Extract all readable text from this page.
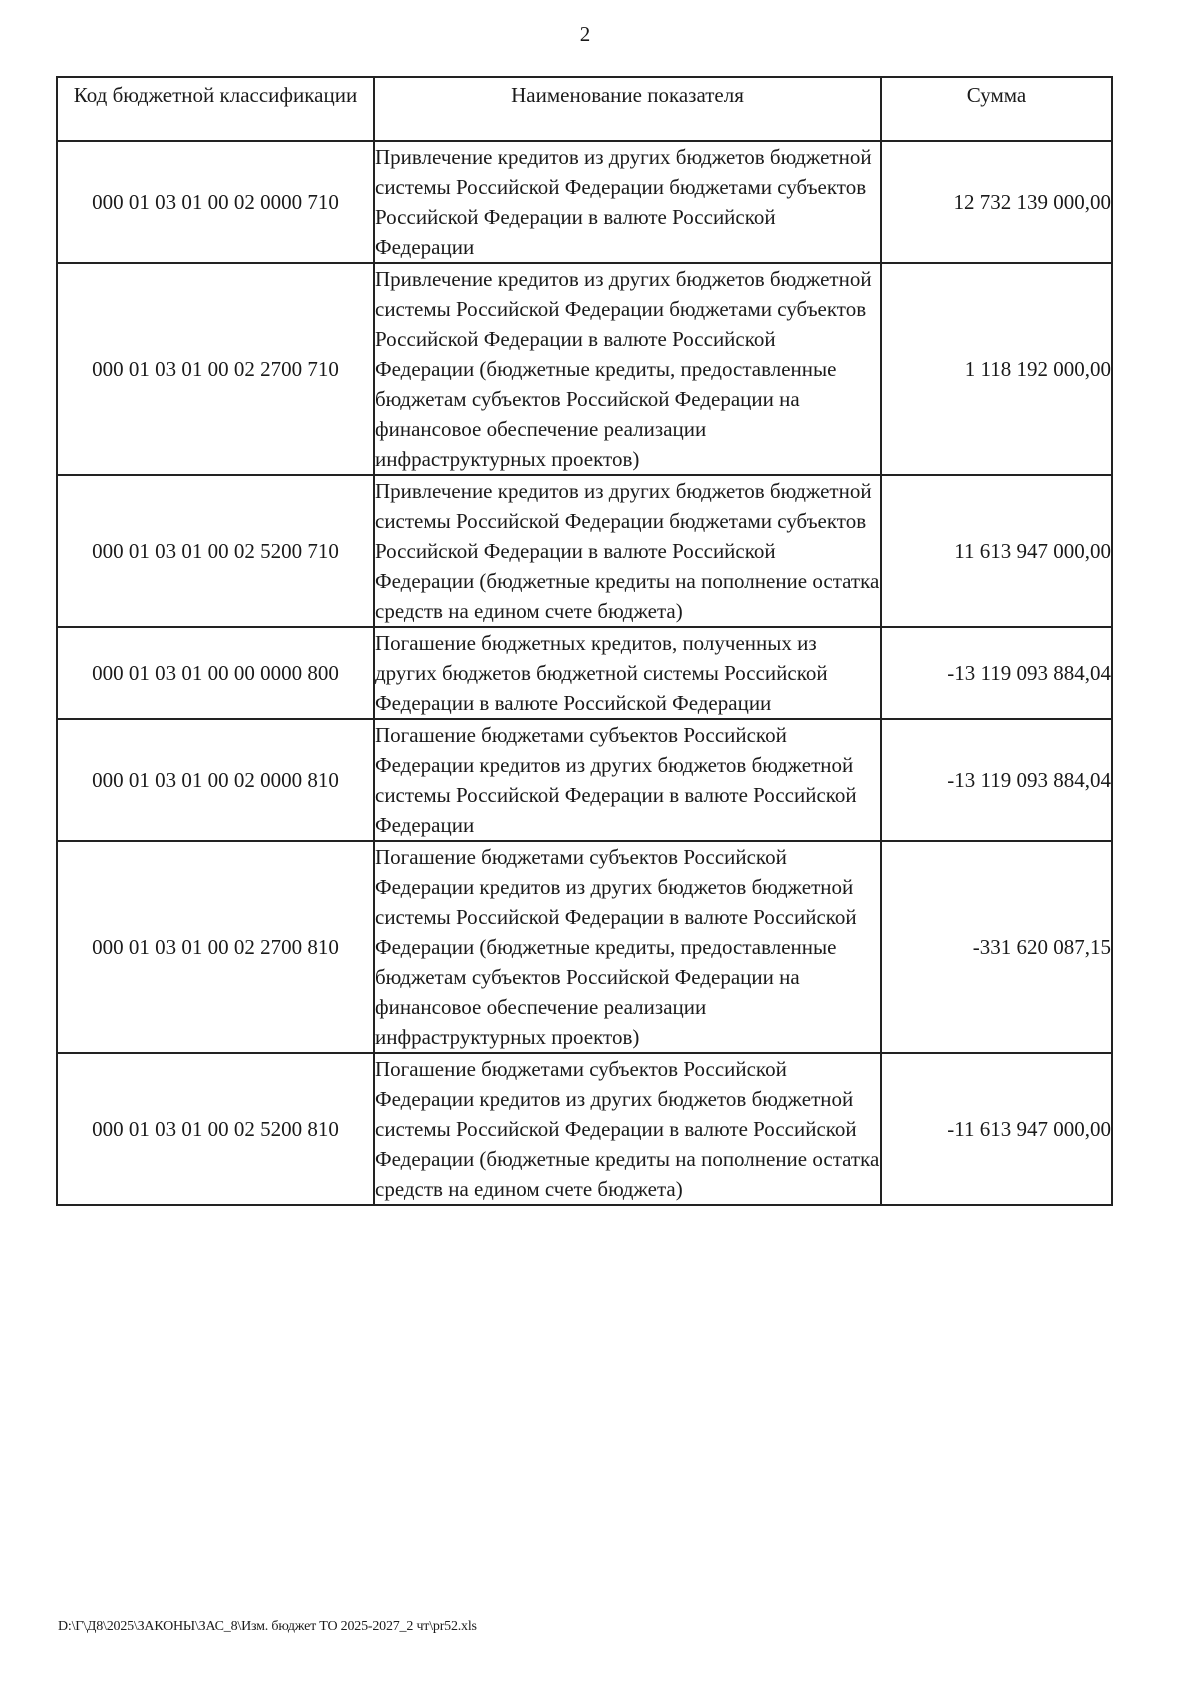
2
Код бюджетной классификации	Наименование показателя	Сумма
000 01 03 01 00 02 0000 710	Привлечение кредитов из других бюджетов бюджетной системы Российской Федерации бюджетами субъектов Российской Федерации в валюте Российской Федерации	12 732 139 000,00
000 01 03 01 00 02 2700 710	Привлечение кредитов из других бюджетов бюджетной системы Российской Федерации бюджетами субъектов Российской Федерации в валюте Российской Федерации (бюджетные кредиты, предоставленные бюджетам субъектов Российской Федерации на финансовое обеспечение реализации инфраструктурных проектов)	1 118 192 000,00
000 01 03 01 00 02 5200 710	Привлечение кредитов из других бюджетов бюджетной системы Российской Федерации бюджетами субъектов Российской Федерации в валюте Российской Федерации (бюджетные кредиты на пополнение остатка средств на едином счете бюджета)	11 613 947 000,00
000 01 03 01 00 00 0000 800	Погашение бюджетных кредитов, полученных из других бюджетов бюджетной системы Российской Федерации в валюте Российской Федерации	-13 119 093 884,04
000 01 03 01 00 02 0000 810	Погашение бюджетами субъектов Российской Федерации кредитов из других бюджетов бюджетной системы Российской Федерации в валюте Российской Федерации	-13 119 093 884,04
000 01 03 01 00 02 2700 810	Погашение бюджетами субъектов Российской Федерации кредитов из других бюджетов бюджетной системы Российской Федерации в валюте Российской Федерации (бюджетные кредиты, предоставленные бюджетам субъектов Российской Федерации на финансовое обеспечение реализации инфраструктурных проектов)	-331 620 087,15
000 01 03 01 00 02 5200 810	Погашение бюджетами субъектов Российской Федерации кредитов из других бюджетов бюджетной системы Российской Федерации в валюте Российской Федерации (бюджетные кредиты на пополнение остатка средств на едином счете бюджета)	-11 613 947 000,00
D:\Г\Д8\2025\ЗАКОНЫ\ЗАС_8\Изм. бюджет ТО 2025-2027_2 чт\pr52.xls
